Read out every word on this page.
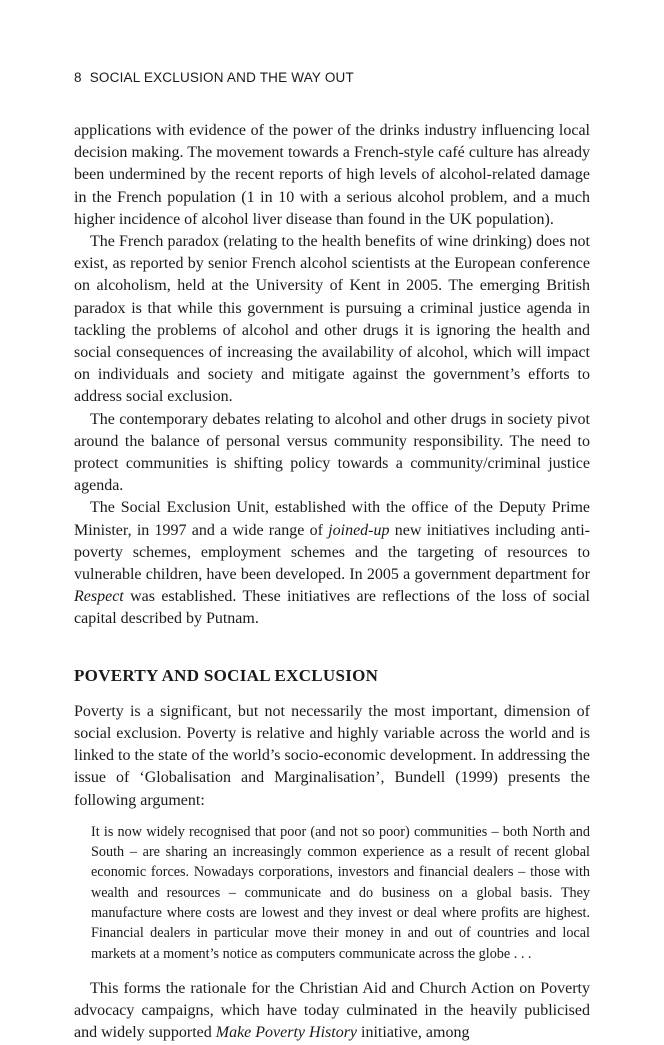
8 SOCIAL EXCLUSION AND THE WAY OUT

applications with evidence of the power of the drinks industry influencing local decision making. The movement towards a French-style café culture has already been undermined by the recent reports of high levels of alcohol-related damage in the French population (1 in 10 with a serious alcohol problem, and a much higher incidence of alcohol liver disease than found in the UK population).

The French paradox (relating to the health benefits of wine drinking) does not exist, as reported by senior French alcohol scientists at the European conference on alcoholism, held at the University of Kent in 2005. The emerging British paradox is that while this government is pursuing a criminal justice agenda in tackling the problems of alcohol and other drugs it is ignoring the health and social consequences of increasing the availability of alcohol, which will impact on individuals and society and mitigate against the government’s efforts to address social exclusion.

The contemporary debates relating to alcohol and other drugs in society pivot around the balance of personal versus community responsibility. The need to protect communities is shifting policy towards a community/criminal justice agenda.

The Social Exclusion Unit, established with the office of the Deputy Prime Minister, in 1997 and a wide range of joined-up new initiatives including anti-poverty schemes, employment schemes and the targeting of resources to vulnerable children, have been developed. In 2005 a government department for Respect was established. These initiatives are reflections of the loss of social capital described by Putnam.

POVERTY AND SOCIAL EXCLUSION

Poverty is a significant, but not necessarily the most important, dimension of social exclusion. Poverty is relative and highly variable across the world and is linked to the state of the world’s socio-economic development. In addressing the issue of ‘Globalisation and Marginalisation’, Bundell (1999) presents the following argument:

It is now widely recognised that poor (and not so poor) communities – both North and South – are sharing an increasingly common experience as a result of recent global economic forces. Nowadays corporations, investors and financial dealers – those with wealth and resources – communicate and do business on a global basis. They manufacture where costs are lowest and they invest or deal where profits are highest. Financial dealers in particular move their money in and out of countries and local markets at a moment’s notice as computers communicate across the globe . . .

This forms the rationale for the Christian Aid and Church Action on Poverty advocacy campaigns, which have today culminated in the heavily publicised and widely supported Make Poverty History initiative, among
